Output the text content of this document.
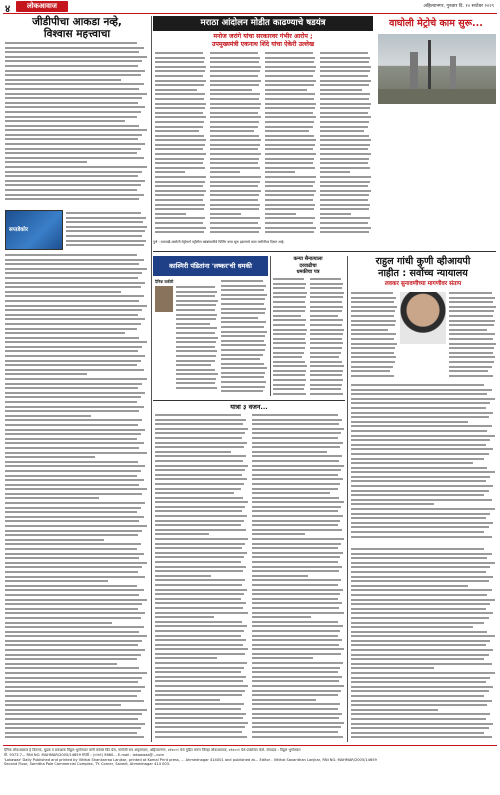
४	लोकआवाज	अहिल्यानगर, गुरुवार दि. १० सप्टेंबर २०२९
जीडीपीचा आकडा नव्हे,
विश्वास महत्त्वाचा
सप्तडेकोर
मराठा आंदोलन मोडीत काढण्याचे षडयंत्र
मनोज जरांगे यांचा सरकारवर गंभीर आरोप ;
उपमुख्यमंत्री एकनाथ शिंदे यांचा ऐकेरी उल्लेख
वाघोली मेट्रोचे काम सुरू...
पुणे : रामवाडी-वाघोली मेट्रोमार्ग पट्टीतील खांबांसाठीचे पिलिंग काम सुरू झाल्याचे काम जमीनीवर दिसत आहे.
काश्मिरी पंडितांना 'लष्कर'ची धमकी
दैनिक सकीरी
कन्या सैनात्याला
दरवाढीचा
धमकीचा पत्र
राहुल गांधी कुणी व्हीआयपी
नाहीत : सर्वोच्च न्यायालय
लवकर सुनावणीच्या मागणीवर संताप
यात्रा ३ वजन...
दैनिक लोकआवाज हे वितरक, मुद्रक व प्रकाशक विठ्ठल भुगोलकर यांनी कोमल प्रिंट प्रेस, नागोजी राव अमृतसदन, अहिल्यानगर, ४१४००१ येथे मुद्रित करुन जिल्हा लोकआवाज, ४१४००१ येथे प्रकाशित केले. संपादक : विठ्ठल भुगोलकर
मो. 9373 7... RNI NO. MAHMAR/2005/14659 संपर्क : (०२४१) 9860... E-mail : lokawaaz@...com
'Lokawaz' Daily Published and printed by Vitthal Shankarrao Lanjkar, printed at Komal Print press, ... Ahmednagar 414001 and published at... Editor - Vitthal Savanthan Lanjkar, RNI NO. MAHMAR/2005/14659
Second Floor, Sarnitha Pole Commercial Complex, TY. Corner, Savedi, Ahmednagar 414 003.
